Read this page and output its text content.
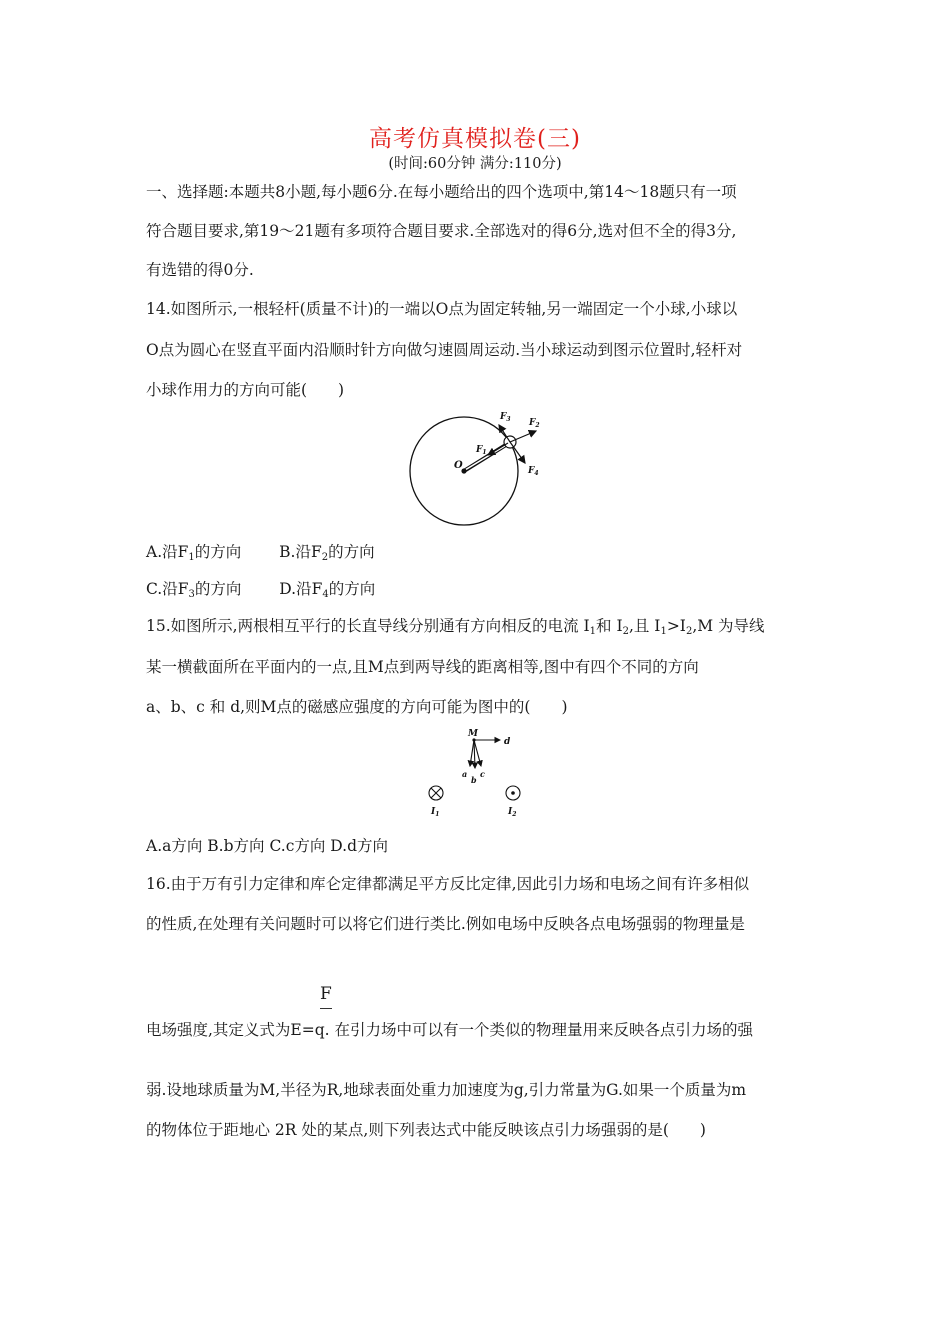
高考仿真模拟卷(三)
(时间:60分钟 满分:110分)
一、选择题:本题共8小题,每小题6分.在每小题给出的四个选项中,第14～18题只有一项
符合题目要求,第19～21题有多项符合题目要求.全部选对的得6分,选对但不全的得3分,
有选错的得0分.
14.如图所示,一根轻杆(质量不计)的一端以O点为固定转轴,另一端固定一个小球,小球以
O点为圆心在竖直平面内沿顺时针方向做匀速圆周运动.当小球运动到图示位置时,轻杆对
小球作用力的方向可能(　　)
O
$F_1$
$F_2$
$F_3$
$F_4$
A.沿$F_1$的方向 B.沿$F_2$的方向
C.沿$F_3$的方向 D.沿$F_4$的方向
15.如图所示,两根相互平行的长直导线分别通有方向相反的电流 $I_1$和 $I_2$,且 $I_1>I_2,M$ 为导线
某一横截面所在平面内的一点,且M点到两导线的距离相等,图中有四个不同的方向
a、b、c 和 d,则M点的磁感应强度的方向可能为图中的(　　)
M
d
a
b
c
$I_1$	$I_2$
A.a方向 B.b方向 C.c方向 D.d方向
16.由于万有引力定律和库仑定律都满足平方反比定律,因此引力场和电场之间有许多相似
的性质,在处理有关问题时可以将它们进行类比.例如电场中反映各点电场强弱的物理量是
F
电场强度,其定义式为E=q. 在引力场中可以有一个类似的物理量用来反映各点引力场的强
弱.设地球质量为M,半径为R,地球表面处重力加速度为g,引力常量为G.如果一个质量为m
的物体位于距地心 2R 处的某点,则下列表达式中能反映该点引力场强弱的是(　　)
